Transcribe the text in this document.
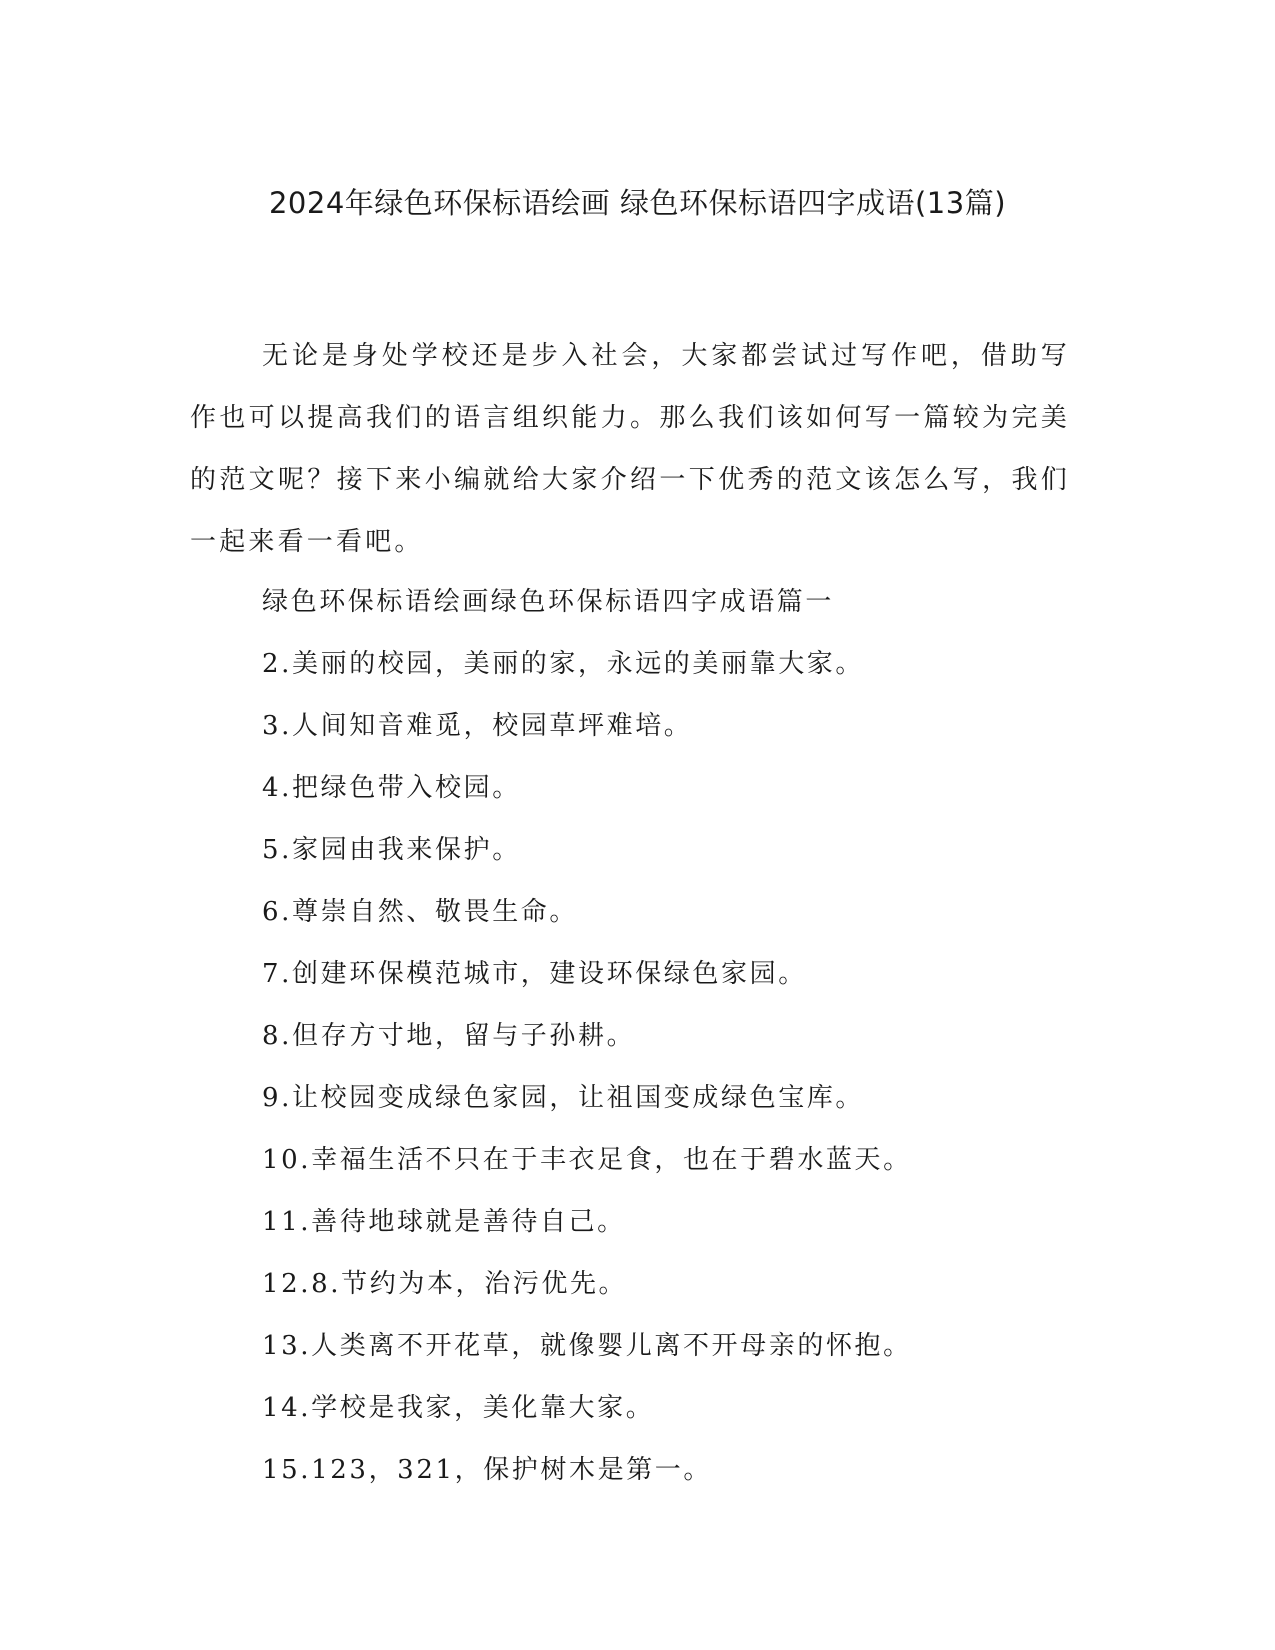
2024年绿色环保标语绘画 绿色环保标语四字成语(13篇)
无论是身处学校还是步入社会，大家都尝试过写作吧，借助写作也可以提高我们的语言组织能力。那么我们该如何写一篇较为完美的范文呢？接下来小编就给大家介绍一下优秀的范文该怎么写，我们一起来看一看吧。
绿色环保标语绘画绿色环保标语四字成语篇一
2.美丽的校园，美丽的家，永远的美丽靠大家。
3.人间知音难觅，校园草坪难培。
4.把绿色带入校园。
5.家园由我来保护。
6.尊崇自然、敬畏生命。
7.创建环保模范城市，建设环保绿色家园。
8.但存方寸地，留与子孙耕。
9.让校园变成绿色家园，让祖国变成绿色宝库。
10.幸福生活不只在于丰衣足食，也在于碧水蓝天。
11.善待地球就是善待自己。
12.8.节约为本，治污优先。
13.人类离不开花草，就像婴儿离不开母亲的怀抱。
14.学校是我家，美化靠大家。
15.123，321，保护树木是第一。
